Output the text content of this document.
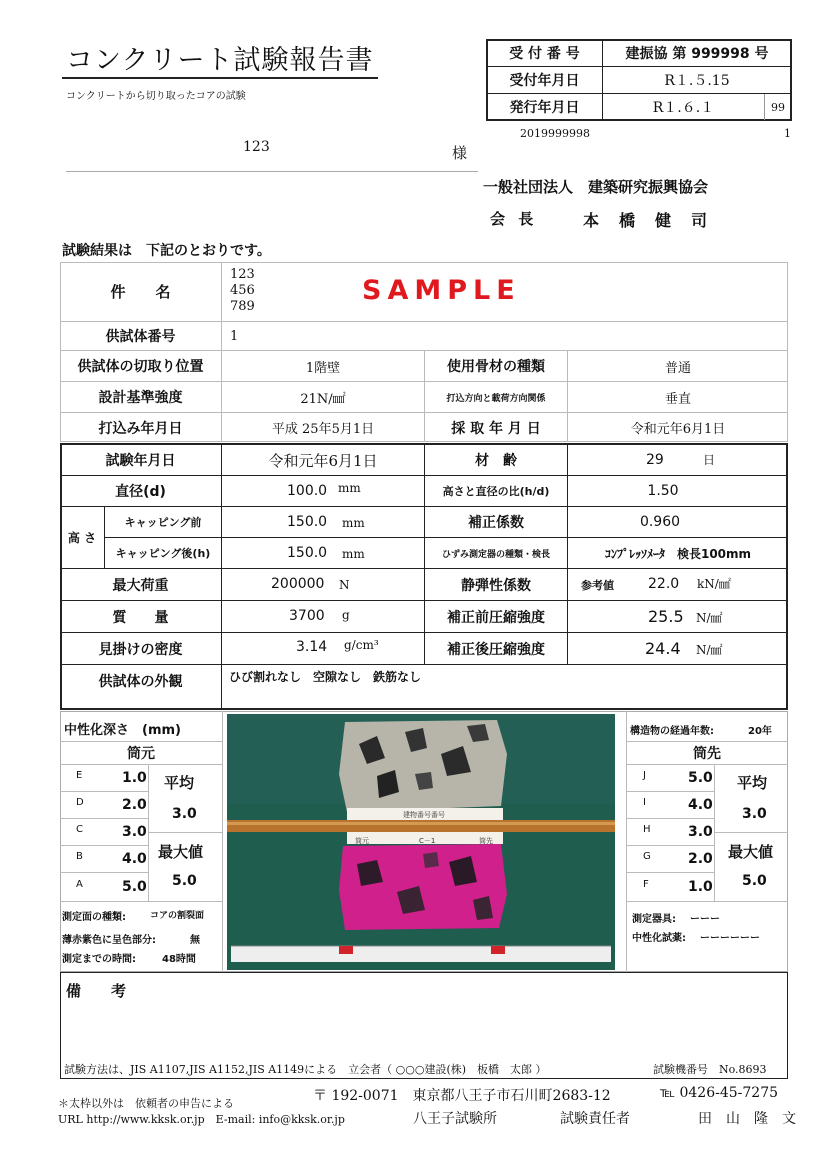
コンクリート試験報告書
コンクリートから切り取ったコアの試験
受 付 番 号	建振協 第 999998 号
受付年月日	R１.５.15
発行年月日	R１.６.１	99
2019999998	1
123	様
一般社団法人　建築研究振興協会
会 長	本　橋　健　司
試験結果は　下記のとおりです。
件　　名
123
456
789
SAMPLE
供試体番号	1
供試体の切取り位置	1階壁	使用骨材の種類	普通
設計基準強度	21N/㎟	打込方向と載荷方向関係	垂直
打込み年月日	平成 25年5月1日	採 取 年 月 日	令和元年6月1日
試験年月日	令和元年6月1日	材　齢	29	日
直径(d)	100.0 mm	高さと直径の比(h/d)	1.50
高 さ
キャッピング前	150.0 mm	補正係数	0.960
キャッピング後(h)	150.0 mm	ひずみ測定器の種類・検長	ｺﾝﾌﾟﾚｯｿﾒｰﾀ　検長100mm
最大荷重	200000 N	静弾性係数	参考値 22.0 kN/㎟
質　　量	3700 g	補正前圧縮強度	25.5 N/㎟
見掛けの密度	3.14 g/cm³	補正後圧縮強度	24.4 N/㎟
供試体の外観	ひび割れなし　空隙なし　鉄筋なし
中性化深さ　(mm)
筒元
E	1.0
D	2.0
C	3.0
B	4.0
A	5.0
平均
3.0
最大値
5.0
測定面の種類:	コアの割裂面
薄赤紫色に呈色部分:	無
測定までの時間:	48時間
建物番号番号
筒元	C－1	筒先
構造物の経過年数:	20年
筒先
J	5.0
I	4.0
H	3.0
G	2.0
F	1.0
平均
3.0
最大値
5.0
測定器具: ーーー
中性化試薬: ーーーーーー
備　　考
試験方法は、JIS A1107,JIS A1152,JIS A1149による　立会者（ ○○○建設(株)　板橋　太郎 ）	試験機番号　No.8693
〒 192-0071　東京都八王子市石川町2683-12	℡ 0426-45-7275
＊太枠以外は　依頼者の申告による
URL http://www.kksk.or.jp　E-mail: info@kksk.or.jp	八王子試験所	試験責任者	田　山　隆　文
